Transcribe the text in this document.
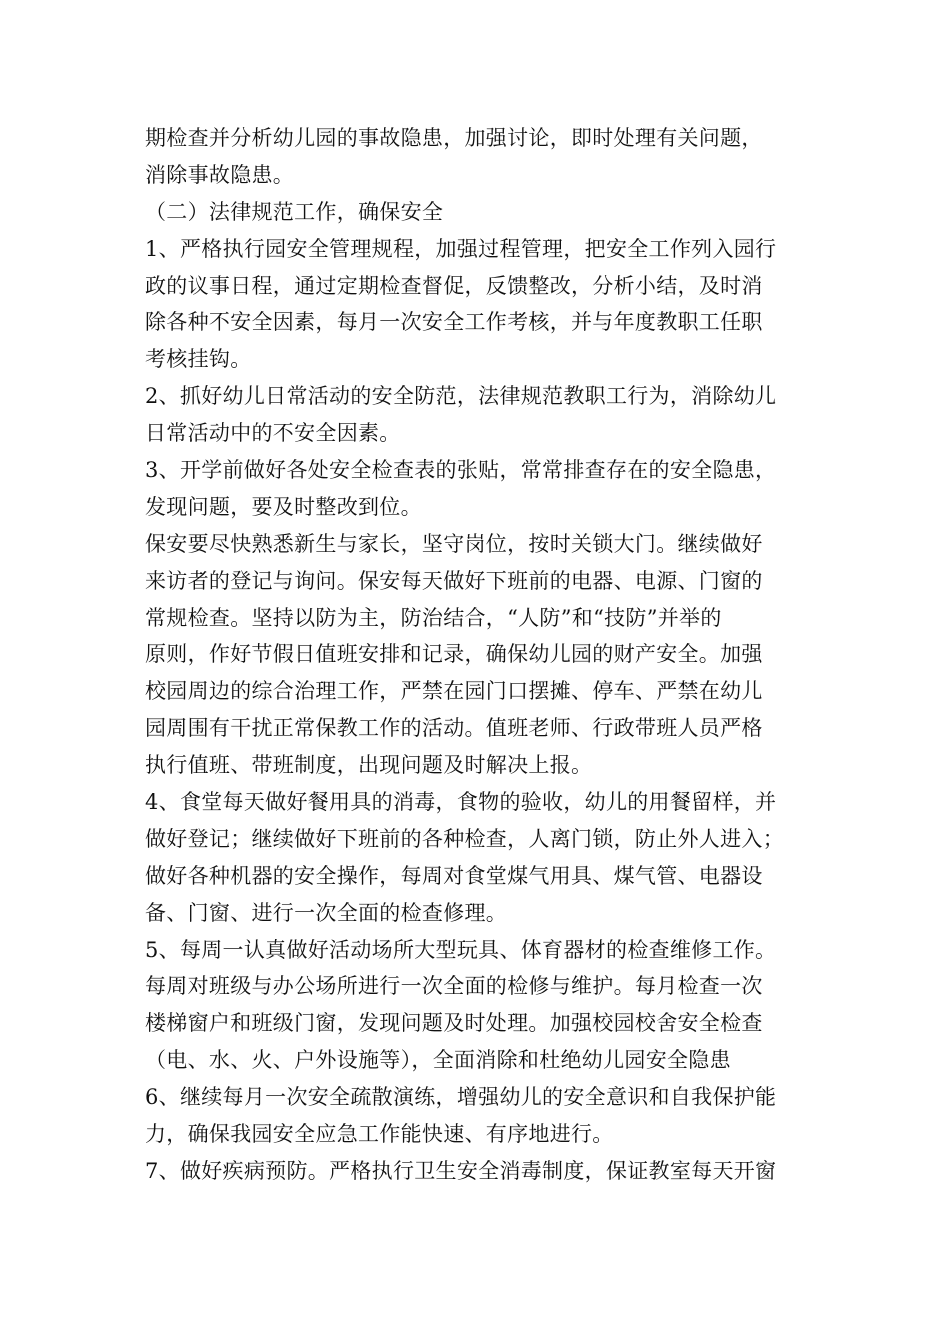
期检查并分析幼儿园的事故隐患，加强讨论，即时处理有关问题，
消除事故隐患。
（二）法律规范工作，确保安全
1、严格执行园安全管理规程，加强过程管理，把安全工作列入园行
政的议事日程，通过定期检查督促，反馈整改，分析小结，及时消
除各种不安全因素，每月一次安全工作考核，并与年度教职工任职
考核挂钩。
2、抓好幼儿日常活动的安全防范，法律规范教职工行为，消除幼儿
日常活动中的不安全因素。
3、开学前做好各处安全检查表的张贴，常常排查存在的安全隐患，
发现问题，要及时整改到位。
保安要尽快熟悉新生与家长，坚守岗位，按时关锁大门。继续做好
来访者的登记与询问。保安每天做好下班前的电器、电源、门窗的
常规检查。坚持以防为主，防治结合，“人防”和“技防”并举的
原则，作好节假日值班安排和记录，确保幼儿园的财产安全。加强
校园周边的综合治理工作，严禁在园门口摆摊、停车、严禁在幼儿
园周围有干扰正常保教工作的活动。值班老师、行政带班人员严格
执行值班、带班制度，出现问题及时解决上报。
4、食堂每天做好餐用具的消毒，食物的验收，幼儿的用餐留样，并
做好登记；继续做好下班前的各种检查，人离门锁，防止外人进入；
做好各种机器的安全操作，每周对食堂煤气用具、煤气管、电器设
备、门窗、进行一次全面的检查修理。
5、每周一认真做好活动场所大型玩具、体育器材的检查维修工作。
每周对班级与办公场所进行一次全面的检修与维护。每月检查一次
楼梯窗户和班级门窗，发现问题及时处理。加强校园校舍安全检查
（电、水、火、户外设施等），全面消除和杜绝幼儿园安全隐患
6、继续每月一次安全疏散演练，增强幼儿的安全意识和自我保护能
力，确保我园安全应急工作能快速、有序地进行。
7、做好疾病预防。严格执行卫生安全消毒制度，保证教室每天开窗
